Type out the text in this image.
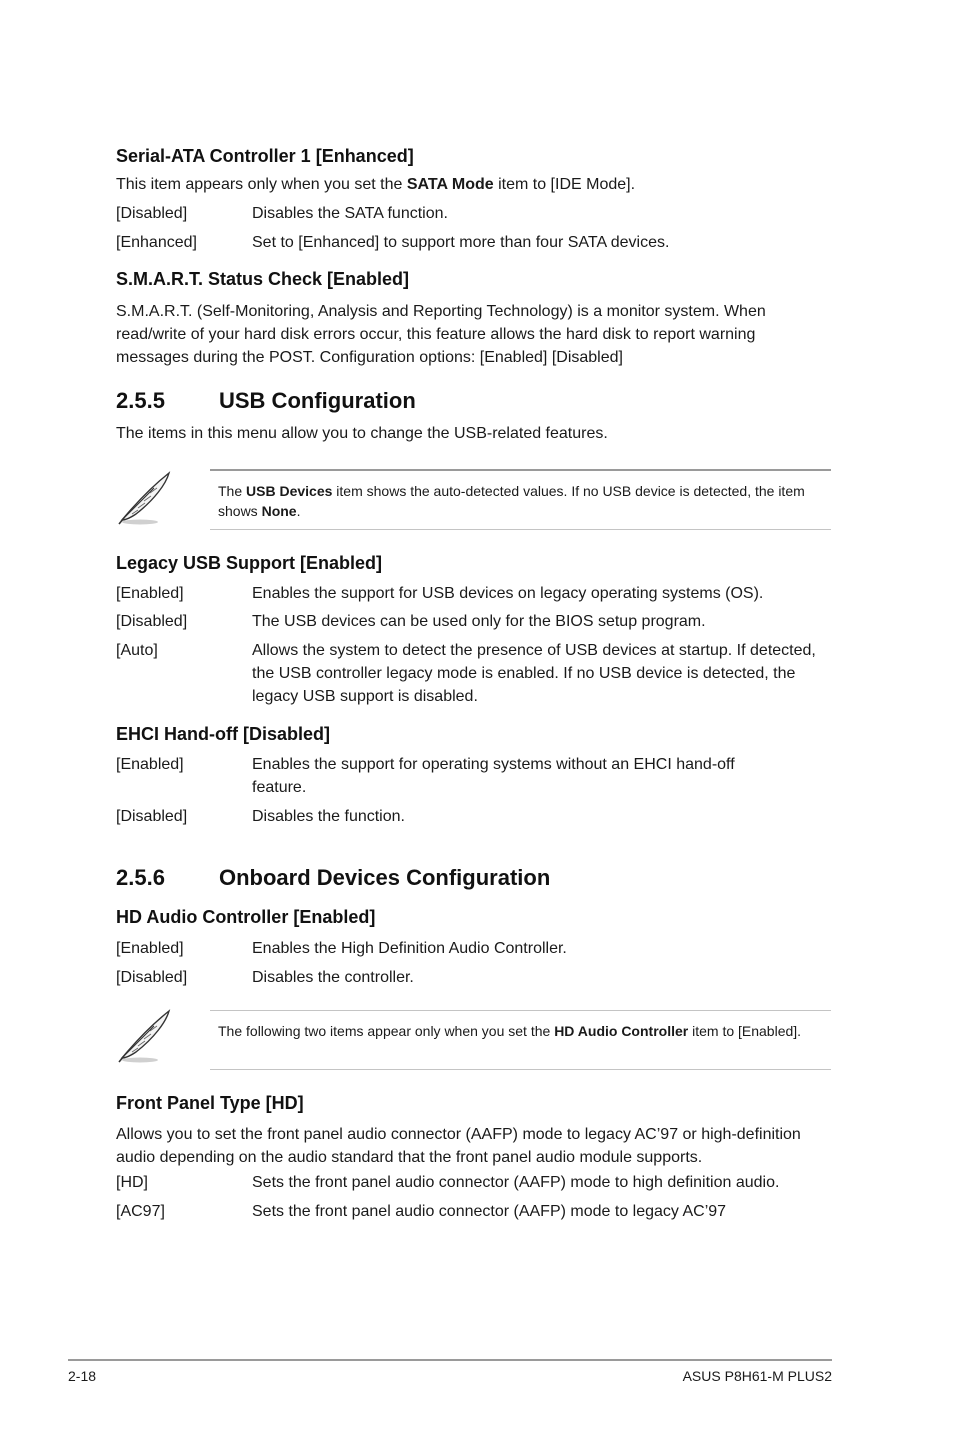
Serial-ATA Controller 1 [Enhanced]
This item appears only when you set the SATA Mode item to [IDE Mode].
[Disabled]	Disables the SATA function.
[Enhanced]	Set to [Enhanced] to support more than four SATA devices.
S.M.A.R.T. Status Check [Enabled]
S.M.A.R.T. (Self-Monitoring, Analysis and Reporting Technology) is a monitor system. When read/write of your hard disk errors occur, this feature allows the hard disk to report warning messages during the POST. Configuration options: [Enabled] [Disabled]
2.5.5 USB Configuration
The items in this menu allow you to change the USB-related features.
The USB Devices item shows the auto-detected values. If no USB device is detected, the item shows None.
Legacy USB Support [Enabled]
[Enabled]	Enables the support for USB devices on legacy operating systems (OS).
[Disabled]	The USB devices can be used only for the BIOS setup program.
[Auto]	Allows the system to detect the presence of USB devices at startup. If detected, the USB controller legacy mode is enabled. If no USB device is detected, the legacy USB support is disabled.
EHCI Hand-off [Disabled]
[Enabled]	Enables the support for operating systems without an EHCI hand-off feature.
[Disabled]	Disables the function.
2.5.6 Onboard Devices Configuration
HD Audio Controller [Enabled]
[Enabled]	Enables the High Definition Audio Controller.
[Disabled]	Disables the controller.
The following two items appear only when you set the HD Audio Controller item to [Enabled].
Front Panel Type [HD]
Allows you to set the front panel audio connector (AAFP) mode to legacy AC’97 or high-definition audio depending on the audio standard that the front panel audio module supports.
[HD]	Sets the front panel audio connector (AAFP) mode to high definition audio.
[AC97]	Sets the front panel audio connector (AAFP) mode to legacy AC’97
2-18	ASUS P8H61-M PLUS2
